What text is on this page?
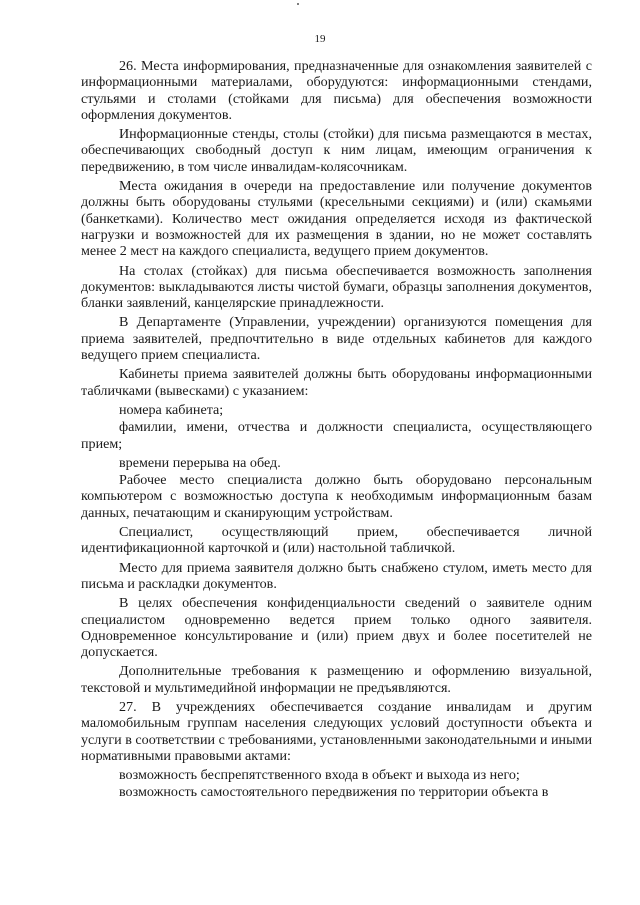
19

26. Места информирования, предназначенные для ознакомления заявителей с информационными материалами, оборудуются: информационными стендами, стульями и столами (стойками для письма) для обеспечения возможности оформления документов.

Информационные стенды, столы (стойки) для письма размещаются в местах, обеспечивающих свободный доступ к ним лицам, имеющим ограничения к передвижению, в том числе инвалидам-колясочникам.

Места ожидания в очереди на предоставление или получение документов должны быть оборудованы стульями (кресельными секциями) и (или) скамьями (банкетками). Количество мест ожидания определяется исходя из фактической нагрузки и возможностей для их размещения в здании, но не может составлять менее 2 мест на каждого специалиста, ведущего прием документов.

На столах (стойках) для письма обеспечивается возможность заполнения документов: выкладываются листы чистой бумаги, образцы заполнения документов, бланки заявлений, канцелярские принадлежности.

В Департаменте (Управлении, учреждении) организуются помещения для приема заявителей, предпочтительно в виде отдельных кабинетов для каждого ведущего прием специалиста.

Кабинеты приема заявителей должны быть оборудованы информационными табличками (вывесками) с указанием:

номера кабинета;

фамилии, имени, отчества и должности специалиста, осуществляющего прием;

времени перерыва на обед.

Рабочее место специалиста должно быть оборудовано персональным компьютером с возможностью доступа к необходимым информационным базам данных, печатающим и сканирующим устройствам.

Специалист, осуществляющий прием, обеспечивается личной идентификационной карточкой и (или) настольной табличкой.

Место для приема заявителя должно быть снабжено стулом, иметь место для письма и раскладки документов.

В целях обеспечения конфиденциальности сведений о заявителе одним специалистом одновременно ведется прием только одного заявителя. Одновременное консультирование и (или) прием двух и более посетителей не допускается.

Дополнительные требования к размещению и оформлению визуальной, текстовой и мультимедийной информации не предъявляются.

27. В учреждениях обеспечивается создание инвалидам и другим маломобильным группам населения следующих условий доступности объекта и услуги в соответствии с требованиями, установленными законодательными и иными нормативными правовыми актами:

возможность беспрепятственного входа в объект и выхода из него;

возможность самостоятельного передвижения по территории объекта в
